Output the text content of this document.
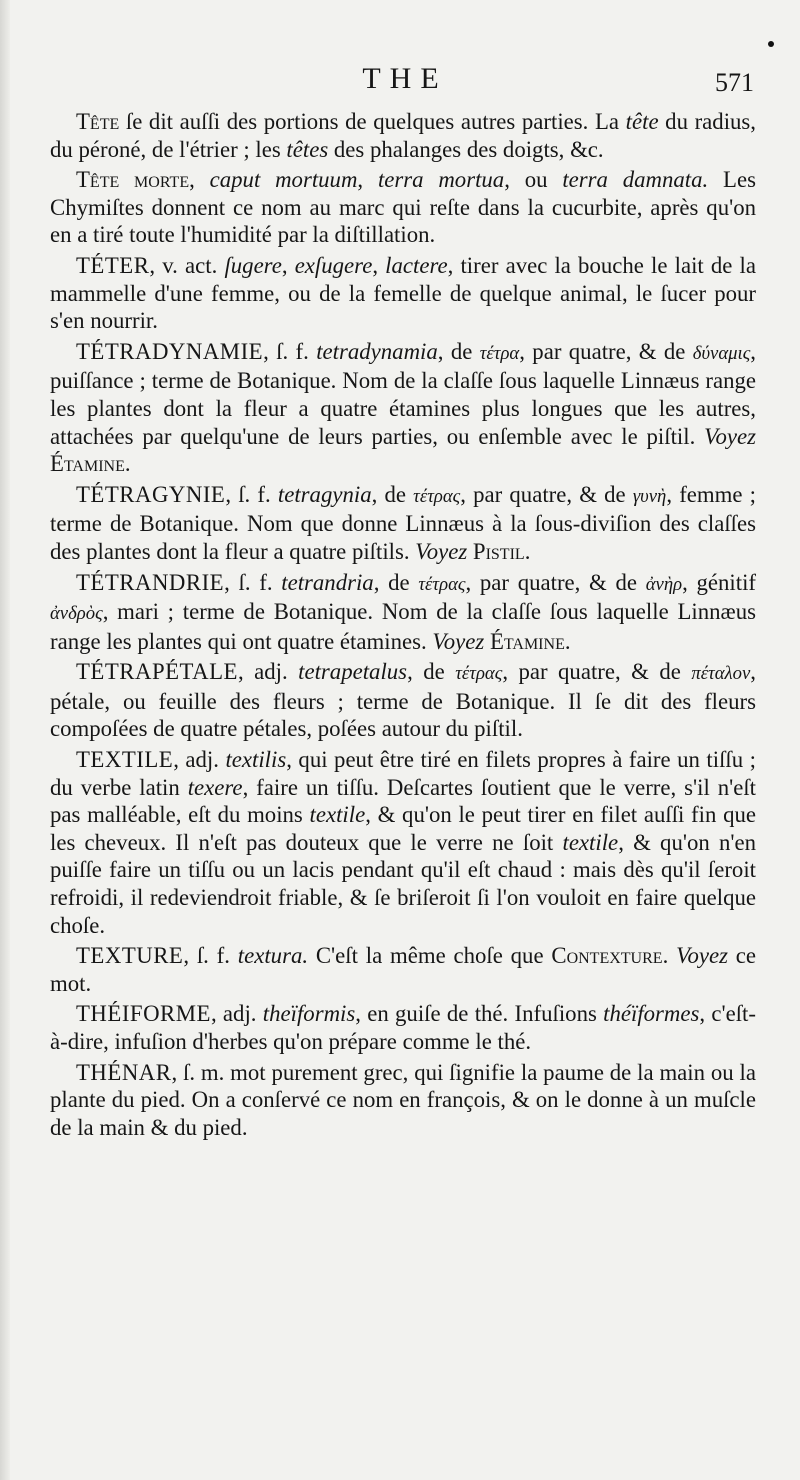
THE	571

Tête ſe dit auſſi des portions de quelques autres parties. La tête du radius, du péroné, de l'étrier ; les têtes des phalanges des doigts, &c.

Tête morte, caput mortuum, terra mortua, ou terra damnata. Les Chymiſtes donnent ce nom au marc qui reſte dans la cucurbite, après qu'on en a tiré toute l'humidité par la diſtillation.

TÉTER, v. act. ſugere, exſugere, lactere, tirer avec la bouche le lait de la mammelle d'une femme, ou de la femelle de quelque animal, le ſucer pour s'en nourrir.

TÉTRADYNAMIE, ſ. f. tetradynamia, de τέτρα, par quatre, & de δύναμις, puiſſance ; terme de Botanique. Nom de la claſſe ſous laquelle Linnæus range les plantes dont la fleur a quatre étamines plus longues que les autres, attachées par quelqu'une de leurs parties, ou enſemble avec le piſtil. Voyez Étamine.

TÉTRAGYNIE, ſ. f. tetragynia, de τέτρας, par quatre, & de γυνὴ, femme ; terme de Botanique. Nom que donne Linnæus à la ſous-diviſion des claſſes des plantes dont la fleur a quatre piſtils. Voyez Pistil.

TÉTRANDRIE, ſ. f. tetrandria, de τέτρας, par quatre, & de ἀνὴρ, génitif ἀνδρὸς, mari ; terme de Botanique. Nom de la claſſe ſous laquelle Linnæus range les plantes qui ont quatre étamines. Voyez Étamine.

TÉTRAPÉTALE, adj. tetrapetalus, de τέτρας, par quatre, & de πέταλον, pétale, ou feuille des fleurs ; terme de Botanique. Il ſe dit des fleurs compoſées de quatre pétales, poſées autour du piſtil.

TEXTILE, adj. textilis, qui peut être tiré en filets propres à faire un tiſſu ; du verbe latin texere, faire un tiſſu. Deſcartes ſoutient que le verre, s'il n'eſt pas malléable, eſt du moins textile, & qu'on le peut tirer en filet auſſi fin que les cheveux. Il n'eſt pas douteux que le verre ne ſoit textile, & qu'on n'en puiſſe faire un tiſſu ou un lacis pendant qu'il eſt chaud : mais dès qu'il ſeroit refroidi, il redeviendroit friable, & ſe briſeroit ſi l'on vouloit en faire quelque choſe.

TEXTURE, ſ. f. textura. C'eſt la même choſe que Contexture. Voyez ce mot.

THÉIFORME, adj. theïformis, en guiſe de thé. Infuſions théïformes, c'eſt-à-dire, infuſion d'herbes qu'on prépare comme le thé.

THÉNAR, ſ. m. mot purement grec, qui ſignifie la paume de la main ou la plante du pied. On a conſervé ce nom en françois, & on le donne à un muſcle de la main & du pied.
